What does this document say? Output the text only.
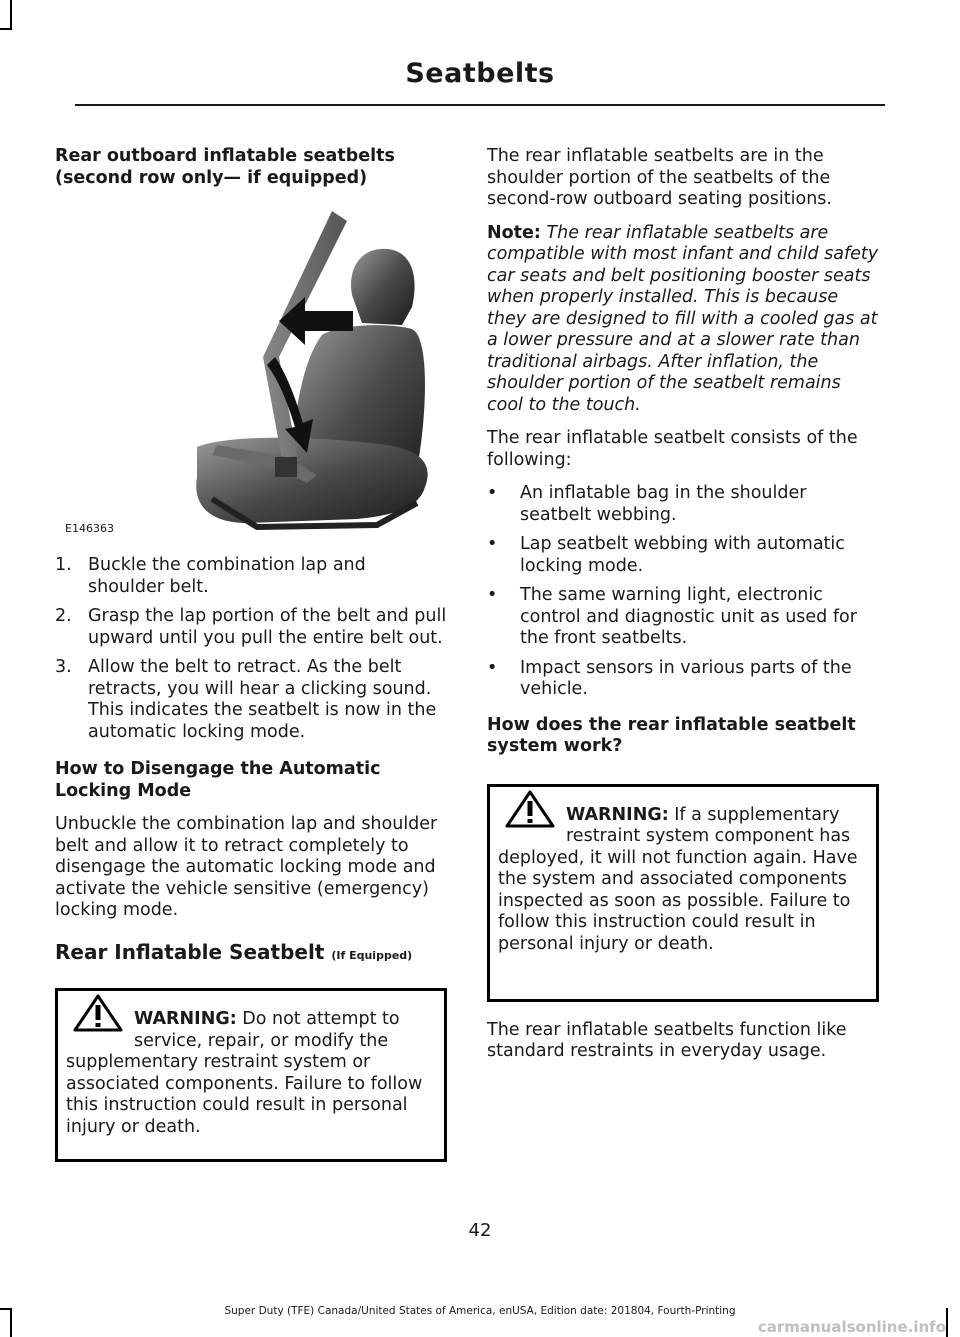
Seatbelts

Rear outboard inflatable seatbelts (second row only— if equipped)

E146363
1. Buckle the combination lap and shoulder belt.
2. Grasp the lap portion of the belt and pull upward until you pull the entire belt out.
3. Allow the belt to retract. As the belt retracts, you will hear a clicking sound. This indicates the seatbelt is now in the automatic locking mode.

How to Disengage the Automatic Locking Mode

Unbuckle the combination lap and shoulder belt and allow it to retract completely to disengage the automatic locking mode and activate the vehicle sensitive (emergency) locking mode.

Rear Inflatable Seatbelt (If Equipped)

WARNING: Do not attempt to service, repair, or modify the supplementary restraint system or associated components. Failure to follow this instruction could result in personal injury or death.

The rear inflatable seatbelts are in the shoulder portion of the seatbelts of the second-row outboard seating positions.

Note: The rear inflatable seatbelts are compatible with most infant and child safety car seats and belt positioning booster seats when properly installed. This is because they are designed to fill with a cooled gas at a lower pressure and at a slower rate than traditional airbags. After inflation, the shoulder portion of the seatbelt remains cool to the touch.

The rear inflatable seatbelt consists of the following:

• An inflatable bag in the shoulder seatbelt webbing.
• Lap seatbelt webbing with automatic locking mode.
• The same warning light, electronic control and diagnostic unit as used for the front seatbelts.
• Impact sensors in various parts of the vehicle.

How does the rear inflatable seatbelt system work?

WARNING: If a supplementary restraint system component has deployed, it will not function again. Have the system and associated components inspected as soon as possible. Failure to follow this instruction could result in personal injury or death.

The rear inflatable seatbelts function like standard restraints in everyday usage.

42
Super Duty (TFE) Canada/United States of America, enUSA, Edition date: 201804, Fourth-Printing
carmanualsonline.info
